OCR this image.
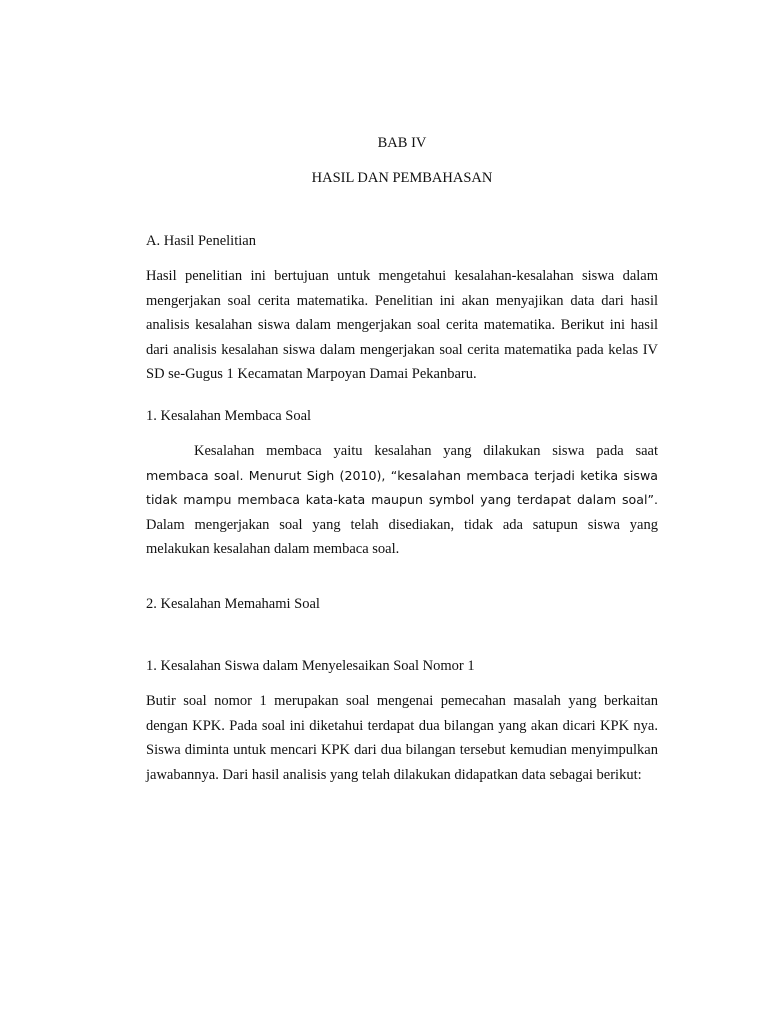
BAB IV
HASIL DAN PEMBAHASAN
A. Hasil Penelitian

Hasil penelitian ini bertujuan untuk mengetahui kesalahan-kesalahan siswa dalam mengerjakan soal cerita matematika. Penelitian ini akan menyajikan data dari hasil analisis kesalahan siswa dalam mengerjakan soal cerita matematika. Berikut ini hasil dari analisis kesalahan siswa dalam mengerjakan soal cerita matematika pada kelas IV SD se-Gugus 1 Kecamatan Marpoyan Damai Pekanbaru.

1. Kesalahan Membaca Soal

Kesalahan membaca yaitu kesalahan yang dilakukan siswa pada saat membaca soal. Menurut Sigh (2010), “kesalahan membaca terjadi ketika siswa tidak mampu membaca kata-kata maupun symbol yang terdapat dalam soal”. Dalam mengerjakan soal yang telah disediakan, tidak ada satupun siswa yang melakukan kesalahan dalam membaca soal.

2. Kesalahan Memahami Soal
1. Kesalahan Siswa dalam Menyelesaikan Soal Nomor 1

Butir soal nomor 1 merupakan soal mengenai pemecahan masalah yang berkaitan dengan KPK. Pada soal ini diketahui terdapat dua bilangan yang akan dicari KPK nya. Siswa diminta untuk mencari KPK dari dua bilangan tersebut kemudian menyimpulkan jawabannya. Dari hasil analisis yang telah dilakukan didapatkan data sebagai berikut:
